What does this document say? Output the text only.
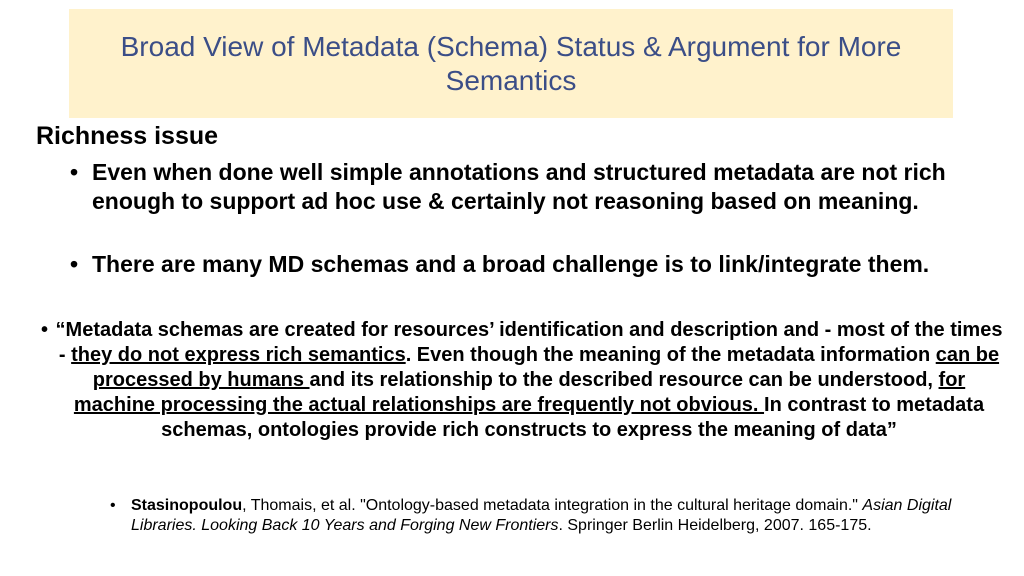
Broad View of Metadata (Schema) Status & Argument for More Semantics
Richness issue
• Even when done well simple annotations and structured metadata are not rich enough to support ad hoc use & certainly not reasoning based on meaning.
• There are many MD schemas and a broad challenge is to link/integrate them.
• “Metadata schemas are created for resources’ identification and description and - most of the times - they do not express rich semantics. Even though the meaning of the metadata information can be processed by humans and its relationship to the described resource can be understood, for machine processing the actual relationships are frequently not obvious. In contrast to metadata schemas, ontologies provide rich constructs to express the meaning of data”
• Stasinopoulou, Thomais, et al. "Ontology-based metadata integration in the cultural heritage domain." Asian Digital Libraries. Looking Back 10 Years and Forging New Frontiers. Springer Berlin Heidelberg, 2007. 165-175.
